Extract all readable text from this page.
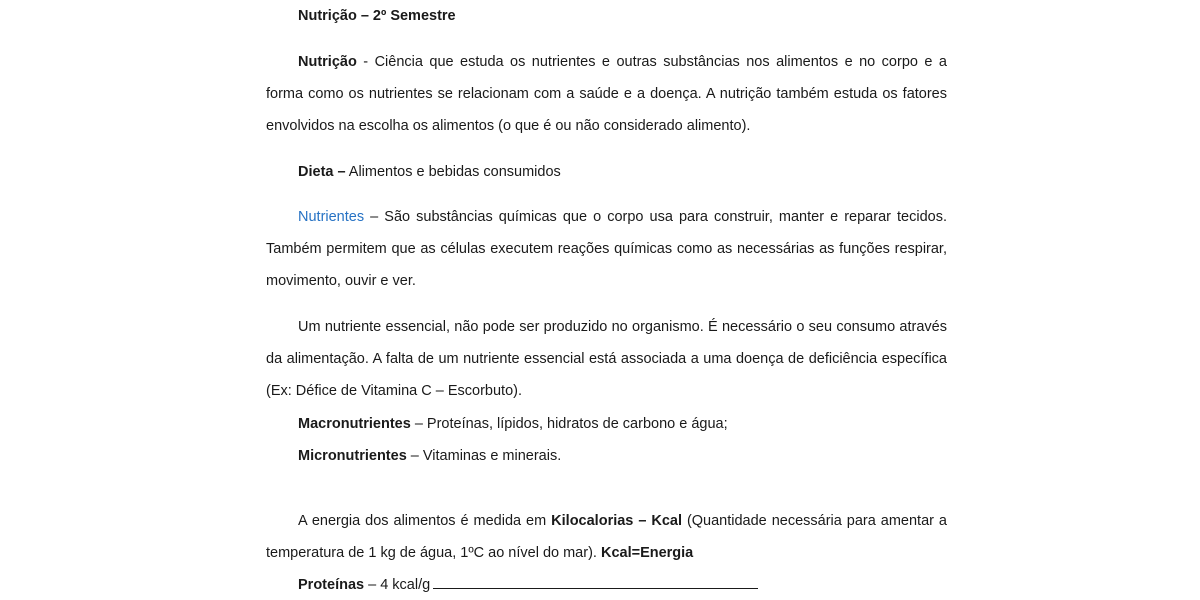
Nutrição – 2º Semestre
Nutrição - Ciência que estuda os nutrientes e outras substâncias nos alimentos e no corpo e a forma como os nutrientes se relacionam com a saúde e a doença. A nutrição também estuda os fatores envolvidos na escolha os alimentos (o que é ou não considerado alimento).
Dieta – Alimentos e bebidas consumidos
Nutrientes – São substâncias químicas que o corpo usa para construir, manter e reparar tecidos. Também permitem que as células executem reações químicas como as necessárias as funções respirar, movimento, ouvir e ver.
Um nutriente essencial, não pode ser produzido no organismo. É necessário o seu consumo através da alimentação. A falta de um nutriente essencial está associada a uma doença de deficiência específica (Ex: Défice de Vitamina C – Escorbuto).
Macronutrientes – Proteínas, lípidos, hidratos de carbono e água;
Micronutrientes – Vitaminas e minerais.
A energia dos alimentos é medida em Kilocalorias – Kcal (Quantidade necessária para amentar a temperatura de 1 kg de água, 1ºC ao nível do mar). Kcal=Energia
Proteínas – 4 kcal/g
